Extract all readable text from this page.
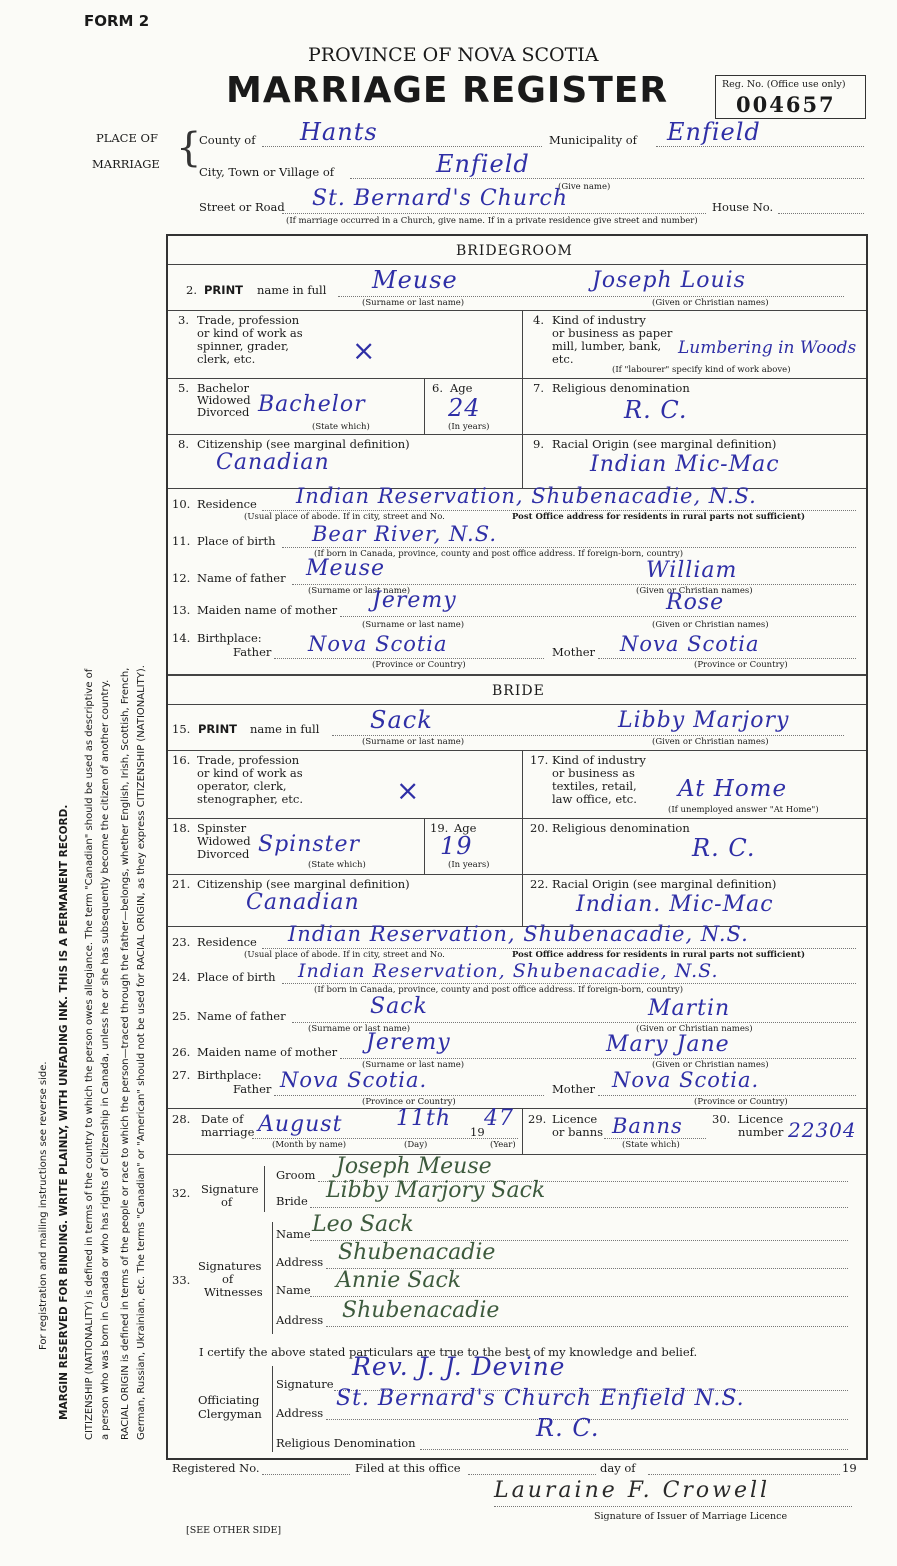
FORM 2
PROVINCE OF NOVA SCOTIA
MARRIAGE REGISTER	Reg. No. (Office use only)
004657
PLACE OF
MARRIAGE {
County of Hants	Municipality of Enfield
City, Town or Village of	Enfield
(Give name)
Street or Road St. Bernard's Church	House No.
(If marriage occurred in a Church, give name. If in a private residence give street and number)
For registration and mailing instructions see reverse side. MARGIN RESERVED FOR BINDING. WRITE PLAINLY, WITH UNFADING INK. THIS IS A PERMANENT RECORD. CITIZENSHIP (NATIONALITY) is defined in terms of the country to which the person owes allegiance. The term "Canadian" should be used as descriptive of a person who was born in Canada or who has rights of Citizenship in Canada, unless he or she has subsequently become the citizen of another country. RACIAL ORIGIN is defined in terms of the people or race to which the person—traced through the father—belongs, whether English, Irish, Scottish, French, German, Russian, Ukrainian, etc. The terms "Canadian" or "American" should not be used for RACIAL ORIGIN, as they express CITIZENSHIP (NATIONALITY).
BRIDEGROOM
2. PRINT name in full Meuse	Joseph Louis
(Surname or last name)	(Given or Christian names)
3. Trade, profession
or kind of work as
spinner, grader,
clerk, etc.	×
4. Kind of industry
or business as paper
mill, lumber, bank,
etc.
Lumbering in Woods
(If "labourer" specify kind of work above)
5. Bachelor
Widowed
Divorced Bachelor
(State which)
6. Age
24
(In years)
7. Religious denomination
R. C.
8. Citizenship (see marginal definition)
Canadian
9. Racial Origin (see marginal definition)
Indian Mic-Mac
10. Residence Indian Reservation, Shubenacadie, N.S.
(Usual place of abode. If in city, street and No.	Post Office address for residents in rural parts not sufficient)
11. Place of birth Bear River, N.S.
(If born in Canada, province, county and post office address. If foreign-born, country)
12. Name of father Meuse	William
(Surname or last name)	(Given or Christian names)
13. Maiden name of mother Jeremy	Rose
(Surname or last name)	(Given or Christian names)
14. Birthplace:
Father Nova Scotia	Mother Nova Scotia
(Province or Country)	(Province or Country)
BRIDE
15. PRINT name in full Sack	Libby Marjory
(Surname or last name)	(Given or Christian names)
16. Trade, profession
or kind of work as
operator, clerk,
stenographer, etc.	×
17. Kind of industry
or business as
textiles, retail,
law office, etc. At Home
(If unemployed answer "At Home")
18. Spinster
Widowed
Divorced Spinster
(State which)
19. Age
19
(In years)
20. Religious denomination
R. C.
21. Citizenship (see marginal definition)
Canadian
22. Racial Origin (see marginal definition)
Indian. Mic-Mac
23. Residence Indian Reservation, Shubenacadie, N.S.
(Usual place of abode. If in city, street and No.	Post Office address for residents in rural parts not sufficient)
24. Place of birth Indian Reservation, Shubenacadie, N.S.
(If born in Canada, province, county and post office address. If foreign-born, country)
25. Name of father	Sack	Martin
(Surname or last name)	(Given or Christian names)
26. Maiden name of mother Jeremy	Mary Jane
(Surname or last name)	(Given or Christian names)
27. Birthplace:
Father Nova Scotia.	Mother Nova Scotia.
(Province or Country)	(Province or Country)
28. Date of
marriage August 11th
19
47
(Month by name)	(Day)	(Year)
29. Licence
or banns Banns
(State which)
30. Licence
number 22304
32. Signature
of
Groom Joseph Meuse
Bride Libby Marjory Sack
33.
Signatures
of
Witnesses
Name Leo Sack
Address Shubenacadie
Name Annie Sack
Address Shubenacadie
I certify the above stated particulars are true to the best of my knowledge and belief.
Officiating
Clergyman
Signature
Rev. J. J. Devine
Address
St. Bernard's Church Enfield N.S.
Religious Denomination
R. C.
Registered No.	Filed at this office	day of	19
Lauraine F. Crowell
Signature of Issuer of Marriage Licence
[SEE OTHER SIDE]
